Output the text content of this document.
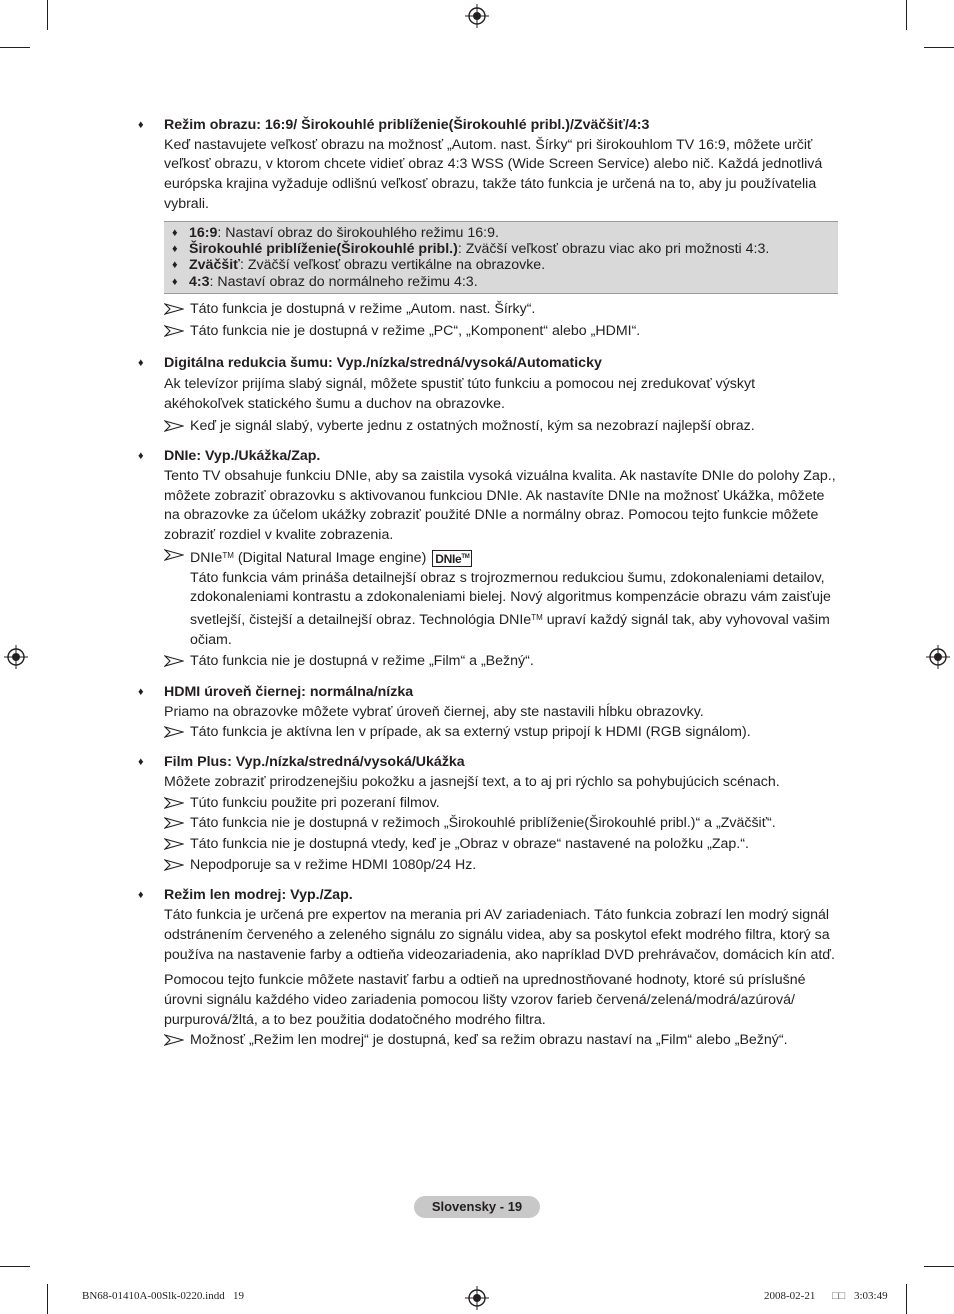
♦ Režim obrazu: 16:9/ Širokouhlé priblíženie(Širokouhlé pribl.)/Zväčšiť/4:3

Keď nastavujete veľkosť obrazu na možnosť „Autom. nast. Šírky“ pri širokouhlom TV 16:9, môžete určiť veľkosť obrazu, v ktorom chcete vidieť obraz 4:3 WSS (Wide Screen Service) alebo nič. Každá jednotlivá európska krajina vyžaduje odlišnú veľkosť obrazu, takže táto funkcia je určená na to, aby ju používatelia vybrali.

♦ 16:9: Nastaví obraz do širokouhlého režimu 16:9.
♦ Širokouhlé priblíženie(Širokouhlé pribl.): Zväčší veľkosť obrazu viac ako pri možnosti 4:3.
♦ Zväčšiť: Zväčší veľkosť obrazu vertikálne na obrazovke.
♦ 4:3: Nastaví obraz do normálneho režimu 4:3.
Táto funkcia je dostupná v režime „Autom. nast. Šírky“.
Táto funkcia nie je dostupná v režime „PC“, „Komponent“ alebo „HDMI“.
♦ Digitálna redukcia šumu: Vyp./nízka/stredná/vysoká/Automaticky

Ak televízor prijíma slabý signál, môžete spustiť túto funkciu a pomocou nej zredukovať výskyt akéhokoľvek statického šumu a duchov na obrazovke.

Keď je signál slabý, vyberte jednu z ostatných možností, kým sa nezobrazí najlepší obraz.
♦ DNIe: Vyp./Ukážka/Zap.

Tento TV obsahuje funkciu DNIe, aby sa zaistila vysoká vizuálna kvalita. Ak nastavíte DNIe do polohy Zap., môžete zobraziť obrazovku s aktivovanou funkciou DNIe. Ak nastavíte DNIe na možnosť Ukážka, môžete na obrazovke za účelom ukážky zobraziť použité DNIe a normálny obraz. Pomocou tejto funkcie môžete zobraziť rozdiel v kvalite zobrazenia.

DNIe™ (Digital Natural Image engine) DNIe™
Táto funkcia vám prináša detailnejší obraz s trojrozmernou redukciou šumu, zdokonaleniami detailov, zdokonaleniami kontrastu a zdokonaleniami bielej. Nový algoritmus kompenzácie obrazu vám zaisťuje svetlejší, čistejší a detailnejší obraz. Technológia DNIe™ upraví každý signál tak, aby vyhovoval vašim očiam.
Táto funkcia nie je dostupná v režime „Film“ a „Bežný“.
♦ HDMI úroveň čiernej: normálna/nízka

Priamo na obrazovke môžete vybrať úroveň čiernej, aby ste nastavili hĺbku obrazovky.

Táto funkcia je aktívna len v prípade, ak sa externý vstup pripojí k HDMI (RGB signálom).
♦ Film Plus: Vyp./nízka/stredná/vysoká/Ukážka

Môžete zobraziť prirodzenejšiu pokožku a jasnejší text, a to aj pri rýchlo sa pohybujúcich scénach.

Túto funkciu použite pri pozeraní filmov.
Táto funkcia nie je dostupná v režimoch „Širokouhlé priblíženie(Širokouhlé pribl.)“ a „Zväčšiť“.
Táto funkcia nie je dostupná vtedy, keď je „Obraz v obraze“ nastavené na položku „Zap.“.
Nepodporuje sa v režime HDMI 1080p/24 Hz.
♦ Režim len modrej: Vyp./Zap.

Táto funkcia je určená pre expertov na merania pri AV zariadeniach. Táto funkcia zobrazí len modrý signál odstránením červeného a zeleného signálu zo signálu videa, aby sa poskytol efekt modrého filtra, ktorý sa používa na nastavenie farby a odtieňa videozariadenia, ako napríklad DVD prehrávačov, domácich kín atď.

Pomocou tejto funkcie môžete nastaviť farbu a odtieň na uprednostňované hodnoty, ktoré sú príslušné úrovni signálu každého video zariadenia pomocou lišty vzorov farieb červená/zelená/modrá/azúrová/ purpurová/žltá, a to bez použitia dodatočného modrého filtra.

Možnosť „Režim len modrej“ je dostupná, keď sa režim obrazu nastaví na „Film“ alebo „Bežný“.
Slovensky - 19
BN68-01410A-00Slk-0220.indd   19	2008-02-21 □□ 3:03:49
